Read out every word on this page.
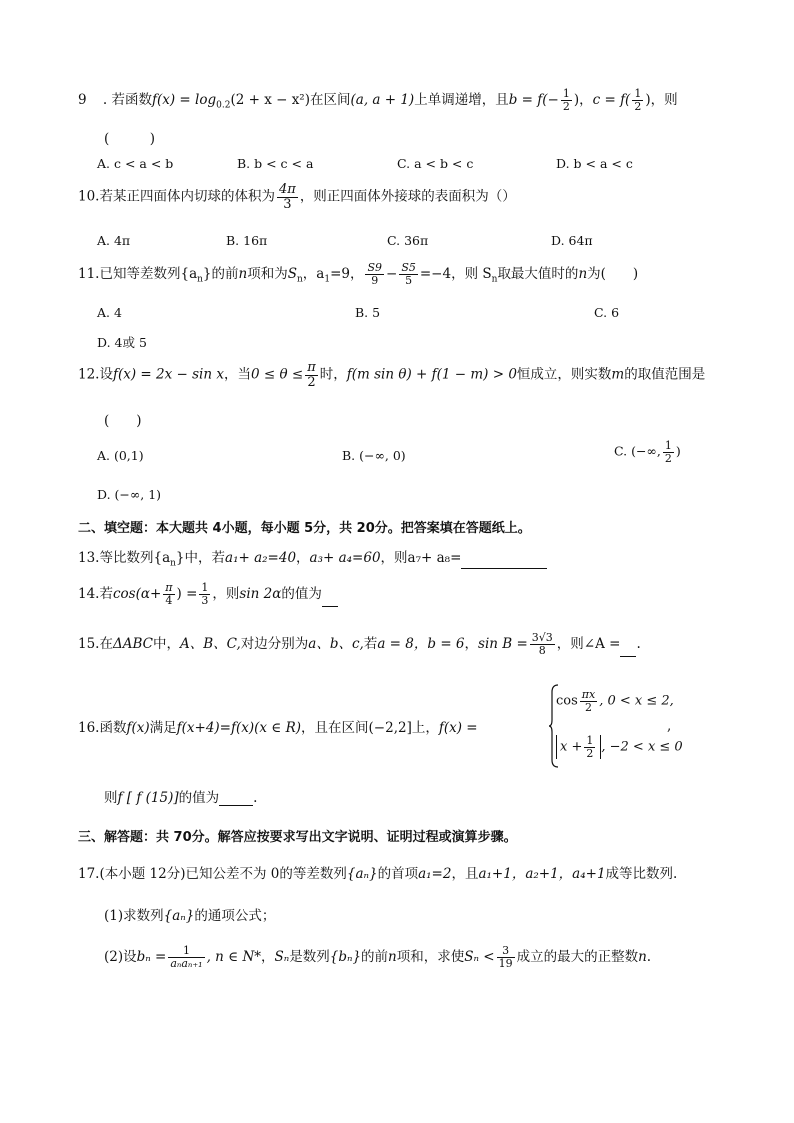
9 . 若函数$f(x) = \log_{0.2}(2 + x - x^2)$在区间(a, a + 1)上单调递增，且$b = f(- \frac{1}{2}$ )，$c = f( \frac{1}{2}$ )，则
(　　　)
A. c < a < b	B. b < c < a	C. a < b < c	D. b < a < c
10.若某正四面体内切球的体积为 $\frac{4\pi}{3}$ ，则正四面体外接球的表面积为（）
A. 4π	B. 16π	C. 36π	D. 64π
11.已知等差数列$\{a_n\}$的前n项和为$S_n$，$a_1=9$， $\frac{S9}{9} - \frac{S5}{5} =-4$，则 $S_n$取最大值时的n为(　　)
A. 4	B. 5	C. 6
D. 4或 5
12.设f(x) = 2x − sin x，当$0 \le \theta \le \frac{\pi}{2}$ 时，f(m sin θ) + f(1 − m) > 0恒成立，则实数m的取值范围是
(　　)
A. (0,1)	B. (−∞, 0)	C. (−∞, $\frac{1}{2}$ )
D. (−∞, 1)
二、填空题：本大题共 4小题，每小题 5分，共 20分。把答案填在答题纸上。
13.等比数列$\{a_n\}$中，若a₁+ a₂=40，a₃+ a₄=60，则a₇+ a₈=
14.若$\cos(\alpha+ \frac{\pi}{4}$ ) = $\frac{1}{3}$ ，则sin 2α的值为
15.在ΔABC中，A、B、C,对边分别为a、b、c,若a = 8，b = 6，$\sin B = \frac{3√3}{8}$ ，则∠A = .
16.函数f(x)满足f(x+4)=f(x)(x ∈ R)，且在区间(−2,2]上，f(x) =
$\cos \frac{\pi x}{2}$ , 0 < x ≤ 2,
$x + \frac{1}{2}$ , −2 < x ≤ 0
,
则f [ f (15)]的值为	.
三、解答题：共 70分。解答应按要求写出文字说明、证明过程或演算步骤。
17.(本小题 12分)已知公差不为 0的等差数列{aₙ}的首项a₁=2，且a₁+1，a₂+1，a₄+1成等比数列.
(1)求数列{aₙ}的通项公式；
(2)设$b_n = \frac{1}{\text{aₙaₙ₊₁}}$ , n ∈ N*，Sₙ是数列{bₙ}的前n项和，求使$S_n < \frac{3}{19}$ 成立的最大的正整数n.
